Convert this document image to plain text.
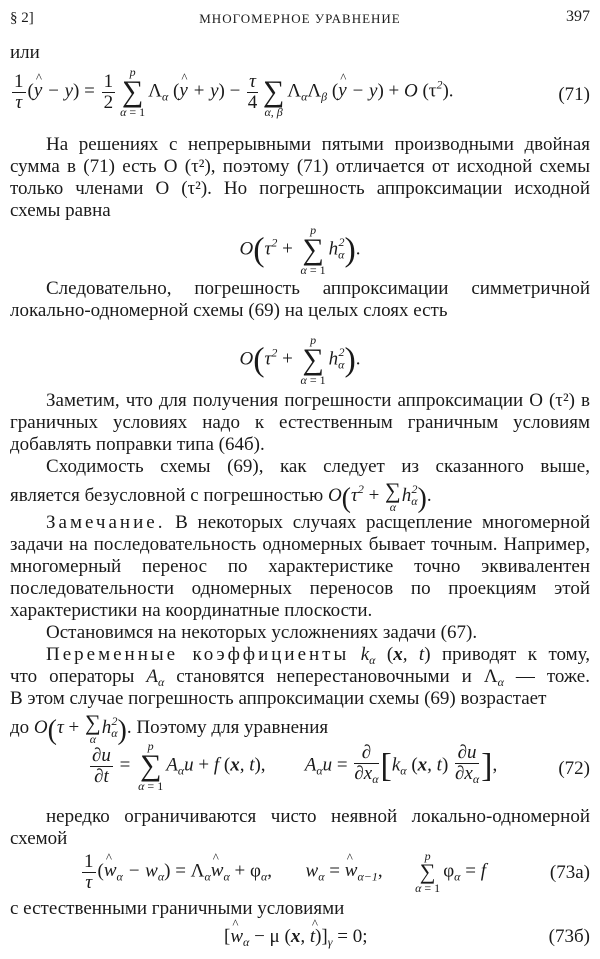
§ 2]	МНОГОМЕРНОЕ УРАВНЕНИЕ	397
или
$\frac{1}{\tau}$ (^ $y - y) = \frac{1}{2}$	p
∑
α = 1
$\Lambda_\alpha$ (^ $y + y) - \frac{\tau}{4}$
∑
α, β
$\Lambda_\alpha\Lambda_\beta$ (^ y − y) + O $(\tau^2)$.	(71)
На решениях с непрерывными пятыми производными двойная сумма в (71) есть O (τ²), поэтому (71) отличается от исходной схемы только членами O (τ²). Но погрешность аппроксимации исходной схемы равна
$O(\tau^2$ +
p
∑
α = 1
$h_\alpha^2$).
Следовательно, погрешность аппроксимации симметричной локально-одномерной схемы (69) на целых слоях есть
$O(\tau^2$ +
p
∑
α = 1
$h_\alpha^2$).
Заметим, что для получения погрешности аппроксимации O (τ²) в граничных условиях надо к естественным граничным условиям добавлять поправки типа (64б).
Сходимость схемы (69), как следует из сказанного выше,
является безусловной с погрешностью $O(\tau^2$ + ∑
α
$h_\alpha^2$).
Замечание. В некоторых случаях расщепление многомерной задачи на последовательность одномерных бывает точным. Например, многомерный перенос по характеристике точно эквивалентен последовательности одномерных переносов по проекциям этой характеристики на координатные плоскости.
Остановимся на некоторых усложнениях задачи (67).
Переменные коэффициенты $k_\alpha$ (x, t) приводят к тому,
что операторы $A_\alpha$ становятся неперестановочными и $\Lambda_\alpha$ — тоже.
В этом случае погрешность аппроксимации схемы (69) возрастает
до O(τ + ∑
α
$h_\alpha^2$). Поэтому для уравнения
$\frac{\partial u}{\partial t}$ =
p
∑
α = 1
$A_\alpha u + f$ (x, t),  $A_\alpha u = \frac{\partial}{\partial x_\alpha} [k_\alpha$ (x, $t) \frac{\partial u}{\partial x_\alpha}$ ],	(72)
нередко ограничиваются чисто неявной локально-одномерной схемой
$\frac{1}{\tau}$ (^ $w_\alpha - w_\alpha$) = $\Lambda_\alpha\^{}$ $w_\alpha + \varphi_\alpha$,  $w_\alpha$ = ^ $w_{\alpha-1}$,
p
∑
α = 1
$\varphi_\alpha = f$	(73а)
с естественными граничными условиями
[^ $w_\alpha - \mu$ (x, ^ $t)]_\gamma = 0$;	(73б)
